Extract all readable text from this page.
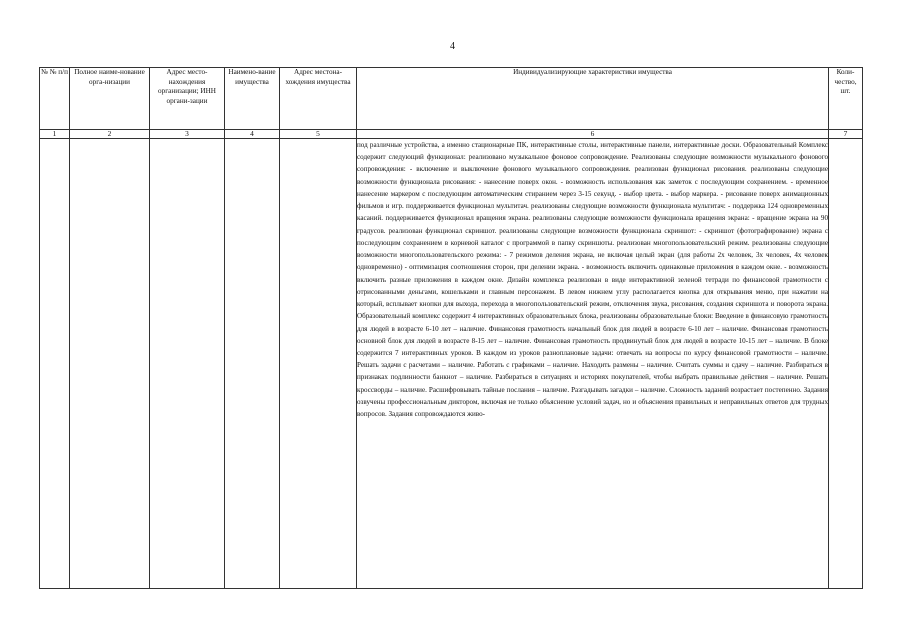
4
№ № п/п	Полное наиме-нование орга-низации	Адрес место-нахождения организации; ИНН органи-зации	Наимено-вание имущества	Адрес местона-хождения имущества	Индивидуализирующие характеристики имущества	Коли-чество, шт.
1	2	3	4	5	6	7
					под различные устройства, а именно стационарные ПК, интерактивные столы, интерактивные панели, интерактивные доски. Образовательный Комплекс содержит следующий функционал: реализовано музыкальное фоновое сопровождение. Реализованы следующие возможности музыкального фонового сопровождения: - включение и выключение фонового музыкального сопровождения. реализован функционал рисования. реализованы следующие возможности функционала рисования: - нанесение поверх окон. - возможность использования как заметок с последующим сохранением. - временное нанесение маркером с последующим автоматическим стиранием через 3-15 секунд. - выбор цвета. - выбор маркера. - рисование поверх анимационных фильмов и игр. поддерживается функционал мультитач. реализованы следующие возможности функционала мультитач: - поддержка 124 одновременных касаний. поддерживается функционал вращения экрана. реализованы следующие возможности функционала вращения экрана: - вращение экрана на 90 градусов. реализован функционал скриншот. реализованы следующие возможности функционала скриншот: - скриншот (фотографирование) экрана с последующим сохранением в корневой каталог с программой в папку скриншоты. реализован многопользовательский режим. реализованы следующие возможности многопользовательского режима: - 7 режимов деления экрана, не включая целый экран (для работы 2х человек, 3х человек, 4х человек одновременно) - оптимизация соотношения сторон, при делении экрана. - возможность включить одинаковые приложения в каждом окне. - возможность включить разные приложения в каждом окне. Дизайн комплекса реализован в виде интерактивной зеленой тетради по финансовой грамотности с отрисованными деньгами, кошельками и главным персонажем. В левом нижнем углу располагается кнопка для открывания меню, при нажатии на который, всплывает кнопки для выхода, перехода в многопользовательский режим, отключения звука, рисования, создания скриншота и поворота экрана. Образовательный комплекс содержит 4 интерактивных образовательных блока, реализованы образовательные блоки: Введение в финансовую грамотность для людей в возрасте 6-10 лет – наличие. Финансовая грамотность начальный блок для людей в возрасте 6-10 лет – наличие. Финансовая грамотность основной блок для людей в возрасте 8-15 лет – наличие. Финансовая грамотность продвинутый блок для людей в возрасте 10-15 лет – наличие. В блоке содержится 7 интерактивных уроков. В каждом из уроков разноплановые задачи: отвечать на вопросы по курсу финансовой грамотности – наличие. Решать задачи с расчетами – наличие. Работать с графиками – наличие. Находить размены – наличие. Считать суммы и сдачу – наличие. Разбираться в признаках подлинности банкнот – наличие. Разбираться в ситуациях и историях покупателей, чтобы выбрать правильные действия – наличие. Решать кроссворды – наличие. Расшифровывать тайные послания – наличие. Разгадывать загадки – наличие. Сложность заданий возрастает постепенно. Задания озвучены профессиональным диктором, включая не только объяснение условий задач, но и объяснения правильных и неправильных ответов для трудных вопросов. Задания сопровождаются живо-	
